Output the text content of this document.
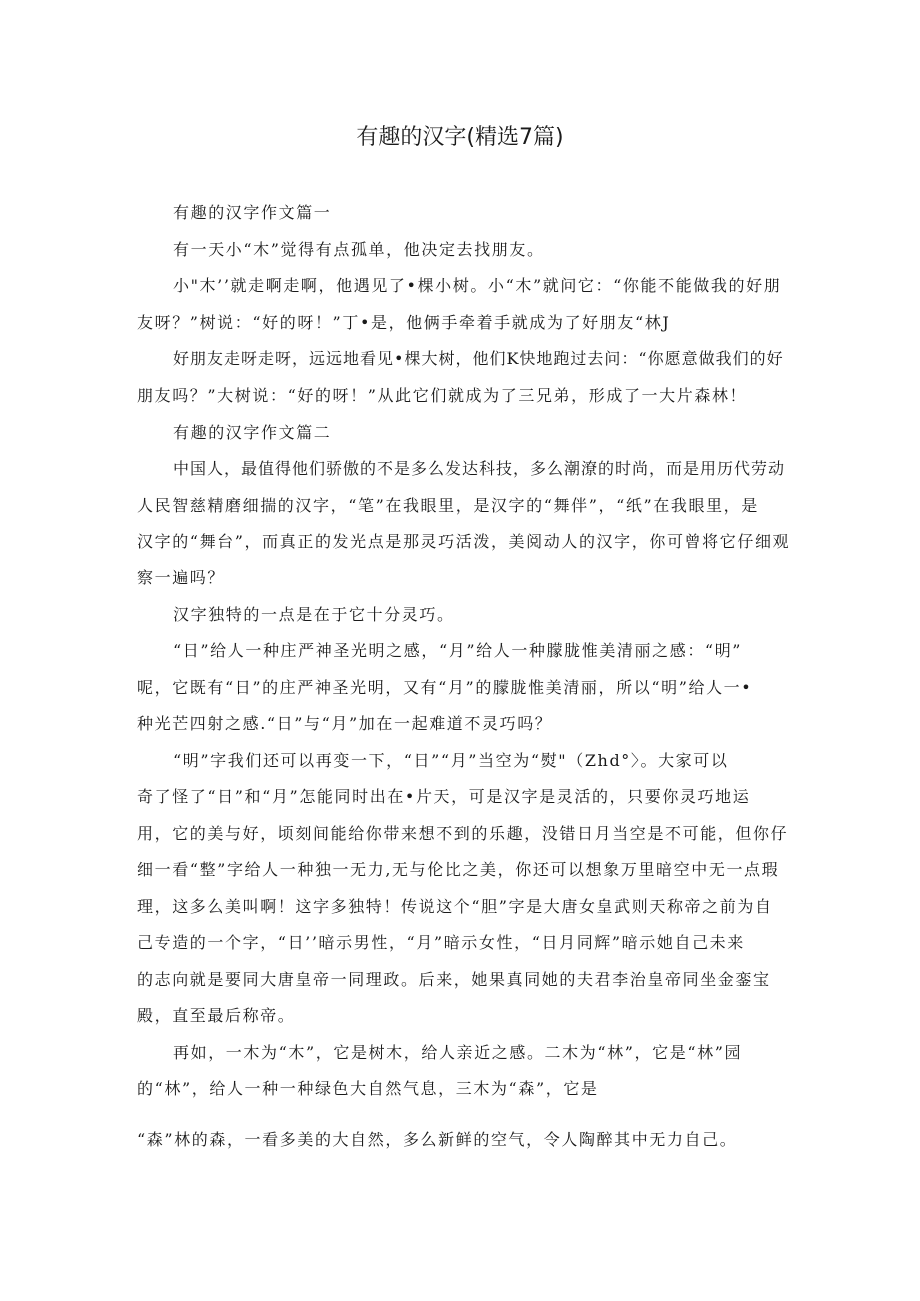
有趣的汉字(精选7篇)
有趣的汉字作文篇一
有一天小“木”觉得有点孤单，他决定去找朋友。
小"木’’就走啊走啊，他遇见了•棵小树。小“木”就问它：“你能不能做我的好朋
友呀？”树说：“好的呀！”丁•是，他俩手牵着手就成为了好朋友“林J
好朋友走呀走呀，远远地看见•棵大树，他们K快地跑过去问：“你愿意做我们的好
朋友吗？”大树说：“好的呀！”从此它们就成为了三兄弟，形成了一大片森林！
有趣的汉字作文篇二
中国人，最值得他们骄傲的不是多么发达科技，多么潮潦的时尚，而是用历代劳动
人民智慈精磨细揣的汉字，“笔”在我眼里，是汉字的“舞伴”，“纸”在我眼里，是
汉字的“舞台”，而真正的发光点是那灵巧活泼，美阅动人的汉字，你可曾将它仔细观
察一遍吗？
汉字独特的一点是在于它十分灵巧。
“日”给人一种庄严神圣光明之感，“月”给人一种朦胧惟美清丽之感：“明”
呢，它既有“日”的庄严神圣光明，又有“月”的朦胧惟美清丽，所以“明”给人一•
种光芒四射之感.“日”与“月”加在一起难道不灵巧吗？
“明”字我们还可以再变一下，“日”“月”当空为“熨"（Zhd°〉。大家可以
奇了怪了“日”和“月”怎能同时出在•片天，可是汉字是灵活的，只要你灵巧地运
用，它的美与好，顷刻间能给你带来想不到的乐趣，没错日月当空是不可能，但你仔
细一看“整”字给人一种独一无力,无与伦比之美，你还可以想象万里暗空中无一点瑕
理，这多么美叫啊！这字多独特！传说这个“胆”字是大唐女皇武则天称帝之前为自
己专造的一个字，“日’’暗示男性，“月”暗示女性，“日月同辉”暗示她自己未来
的志向就是要同大唐皇帝一同理政。后来，她果真同她的夫君李治皇帝同坐金銮宝
殿，直至最后称帝。
再如，一木为“木”，它是树木，给人亲近之感。二木为“林”，它是“林”园
的“林”，给人一种一种绿色大自然气息，三木为“森”，它是
“森”林的森，一看多美的大自然，多么新鲜的空气，令人陶醉其中无力自己。
